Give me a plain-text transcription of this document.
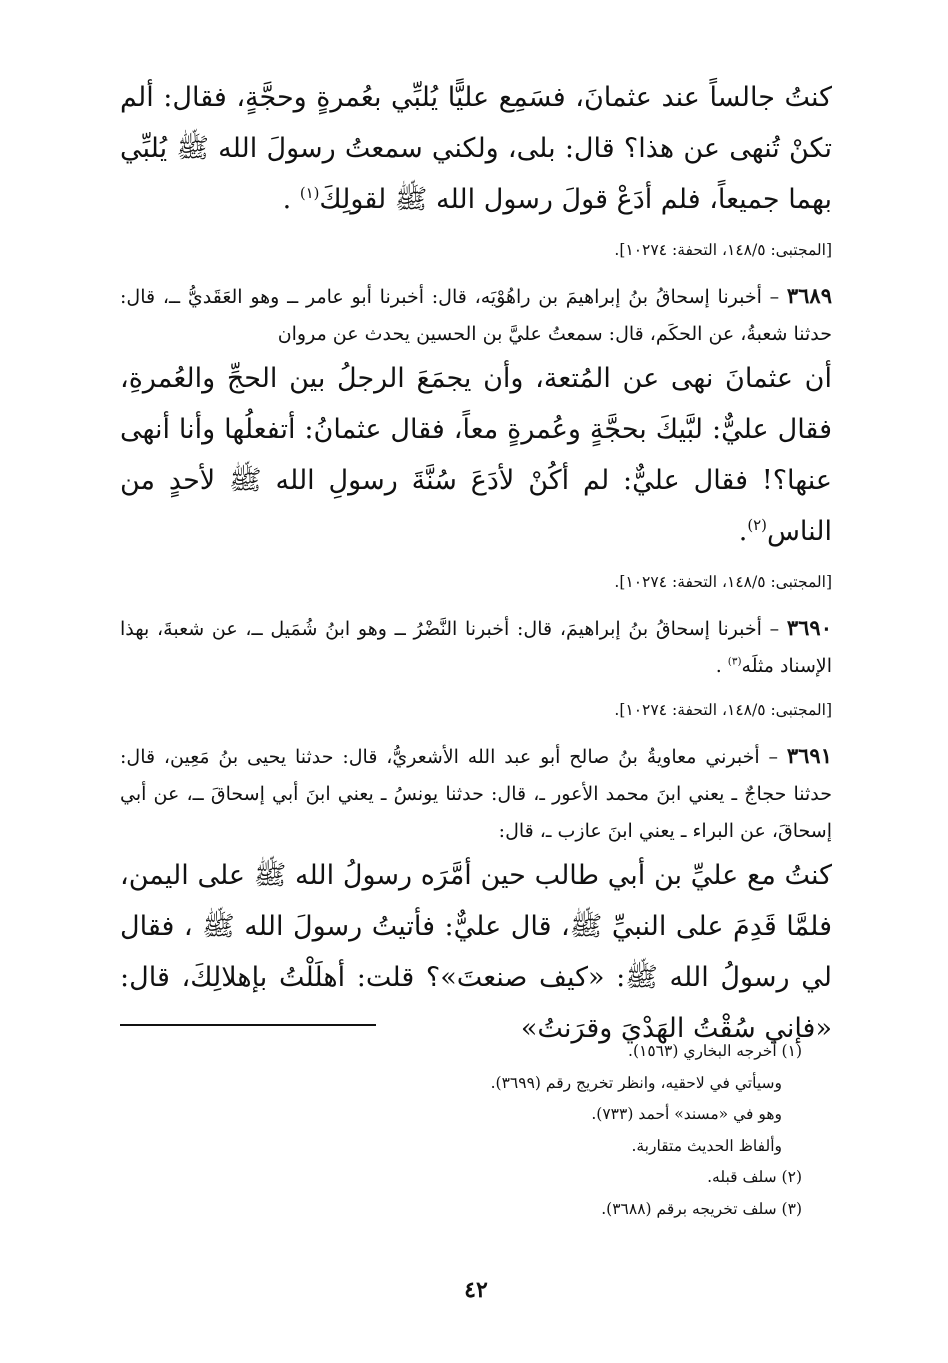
كنتُ جالساً عند عثمانَ، فسَمِع عليًّا يُلبِّي بعُمرةٍ وحجَّةٍ، فقال: ألم تكنْ تُنهى عن هذا؟ قال: بلى، ولكني سمعتُ رسولَ الله ﷺ يُلبِّي بهما جميعاً، فلم أدَعْ قولَ رسول الله ﷺ لقولِكَ$^{(١)}$ .

[المجتبى: ١٤٨/٥، التحفة: ١٠٢٧٤].

٣٦٨٩ – أخبرنا إسحاقُ بنُ إبراهيمَ بن راهُوْيَه، قال: أخبرنا أبو عامر ــ وهو العَقَديُّ ــ، قال: حدثنا شعبةُ، عن الحكَم، قال: سمعتُ عليَّ بن الحسين يحدث عن مروان

أن عثمانَ نهى عن المُتعة، وأن يجمَعَ الرجلُ بين الحجِّ والعُمرةِ، فقال عليٌّ: لبَّيكَ بحجَّةٍ وعُمرةٍ معاً، فقال عثمانُ: أتفعلُها وأنا أنهى عنها؟! فقال عليٌّ: لم أكُنْ لأدَعَ سُنَّةَ رسولِ الله ﷺ لأحدٍ من الناس$^{(٢)}$.

[المجتبى: ١٤٨/٥، التحفة: ١٠٢٧٤].

٣٦٩٠ – أخبرنا إسحاقُ بنُ إبراهيمَ، قال: أخبرنا النَّضْرُ ــ وهو ابنُ شُمَيل ــ، عن شعبةَ، بهذا الإسناد مثلَه$^{(٣)}$ .

[المجتبى: ١٤٨/٥، التحفة: ١٠٢٧٤].

٣٦٩١ – أخبرني معاويةُ بنُ صالح أبو عبد الله الأشعريُّ، قال: حدثنا يحيى بنُ مَعِين، قال: حدثنا حجاجٌ ـ يعني ابنَ محمد الأعور ـ، قال: حدثنا يونسُ ـ يعني ابنَ أبي إسحاقَ ــ، عن أبي إسحاقَ، عن البراء ـ يعني ابنَ عازب ـ، قال:

كنتُ مع عليِّ بن أبي طالب حين أمَّرَه رسولُ الله ﷺ على اليمن، فلمَّا قَدِمَ على النبيِّ ﷺ، قال عليٌّ: فأتيتُ رسولَ الله ﷺ ، فقال لي رسولُ الله ﷺ: «كيف صنعتَ»؟ قلت: أهلَلْتُ بإهلالِكَ، قال: «فإني سُقْتُ الهَدْيَ وقرَنتُ»

(١) أخرجه البخاري (١٥٦٣).
وسيأتي في لاحقيه، وانظر تخريج رقم (٣٦٩٩).
وهو في «مسند» أحمد (٧٣٣).
وألفاظ الحديث متقاربة.
(٢) سلف قبله.
(٣) سلف تخريجه برقم (٣٦٨٨).
٤٢
